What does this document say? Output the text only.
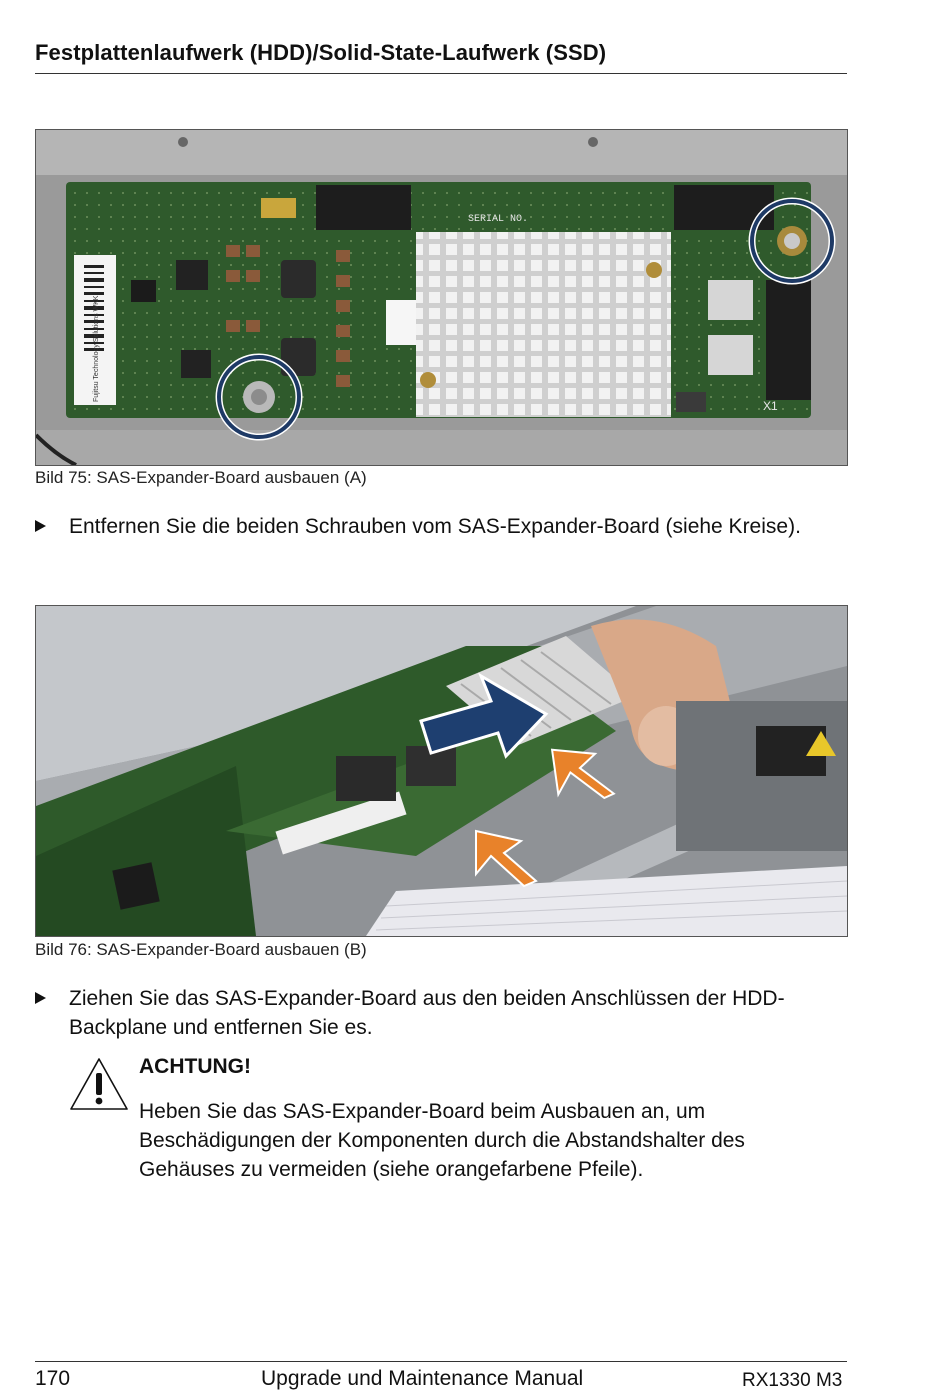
Festplattenlaufwerk (HDD)/Solid-State-Laufwerk (SSD)
SERIAL NO.
X1
Fujitsu Technology Solutions WKK
Bild 75: SAS-Expander-Board ausbauen (A)
Entfernen Sie die beiden Schrauben vom SAS-Expander-Board (siehe Kreise).
Bild 76: SAS-Expander-Board ausbauen (B)
Ziehen Sie das SAS-Expander-Board aus den beiden Anschlüssen der HDD-Backplane und entfernen Sie es.
ACHTUNG!
Heben Sie das SAS-Expander-Board beim Ausbauen an, um Beschädigungen der Komponenten durch die Abstandshalter des Gehäuses zu vermeiden (siehe orangefarbene Pfeile).
170	Upgrade und Maintenance Manual	RX1330 M3
